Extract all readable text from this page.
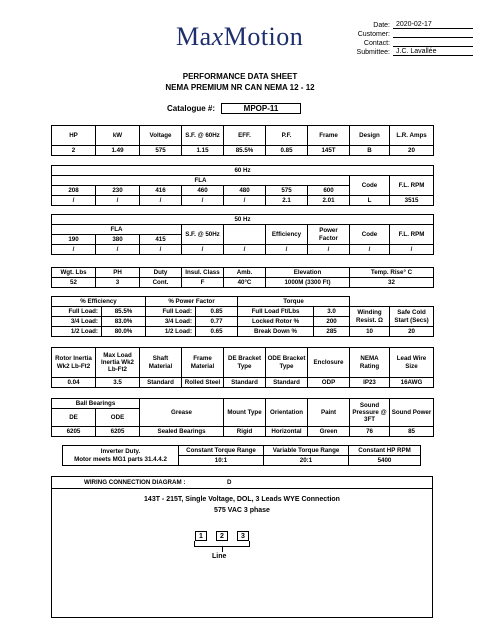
MaxMotion	Date: 2020-02-17
Customer:
Contact:
Submittee: J.C. Lavallée
PERFORMANCE DATA SHEET
NEMA PREMIUM NR CAN NEMA 12 - 12
Catalogue #:	MPOP-11
HP	kW	Voltage	S.F. @ 60Hz	EFF.	P.F.	Frame	Design	L.R. Amps
2	1.49	575	1.15	85.5%	0.85	145T	B	20
60 Hz								
FLA							Code	F.L. RPM
208	230	416	460	480	575	600		
/	/	/	/	/	2.1	2.01	L	3515
50 Hz								
FLA			S.F. @ 50Hz		Efficiency	Power Factor	Code	F.L. RPM
190	380	415						
/	/	/	/	/	/	/	/	/
Wgt. Lbs	PH	Duty	Insul. Class	Amb.	Elevation	Temp. Rise° C
52	3	Cont.	F	40°C	1000M (3300 Ft)	32
% Efficiency		% Power Factor		Torque			
Full Load:	85.5%	Full Load:	0.85	Full Load Ft/Lbs	3.0	Winding Resist. Ω	Safe Cold Start (Secs)
3/4 Load:	83.0%	3/4 Load:	0.77	Locked Rotor %	200		
1/2 Load:	80.0%	1/2 Load:	0.65	Break Down %	285	10	20
Rotor Inertia Wk2 Lb-Ft2	Max Load Inertia Wk2 Lb-Ft2	Shaft Material	Frame Material	DE Bracket Type	ODE Bracket Type	Enclosure	NEMA Rating	Lead Wire Size
0.04	3.5	Standard	Rolled Steel	Standard	Standard	ODP	IP23	16AWG
Ball Bearings		Grease	Mount Type	Orientation	Paint	Sound Pressure @ 3FT	Sound Power
DE	ODE						
6205	6205	Sealed Bearings	Rigid	Horizontal	Green	76	85
Inverter Duty.
Motor meets MG1 parts 31.4.4.2	Constant Torque Range	Variable Torque Range	Constant HP RPM
	10:1	20:1	5400
WIRING CONNECTION DIAGRAM :	D
143T - 215T, Single Voltage, DOL, 3 Leads WYE Connection
575 VAC 3 phase
1	2	3
Line
